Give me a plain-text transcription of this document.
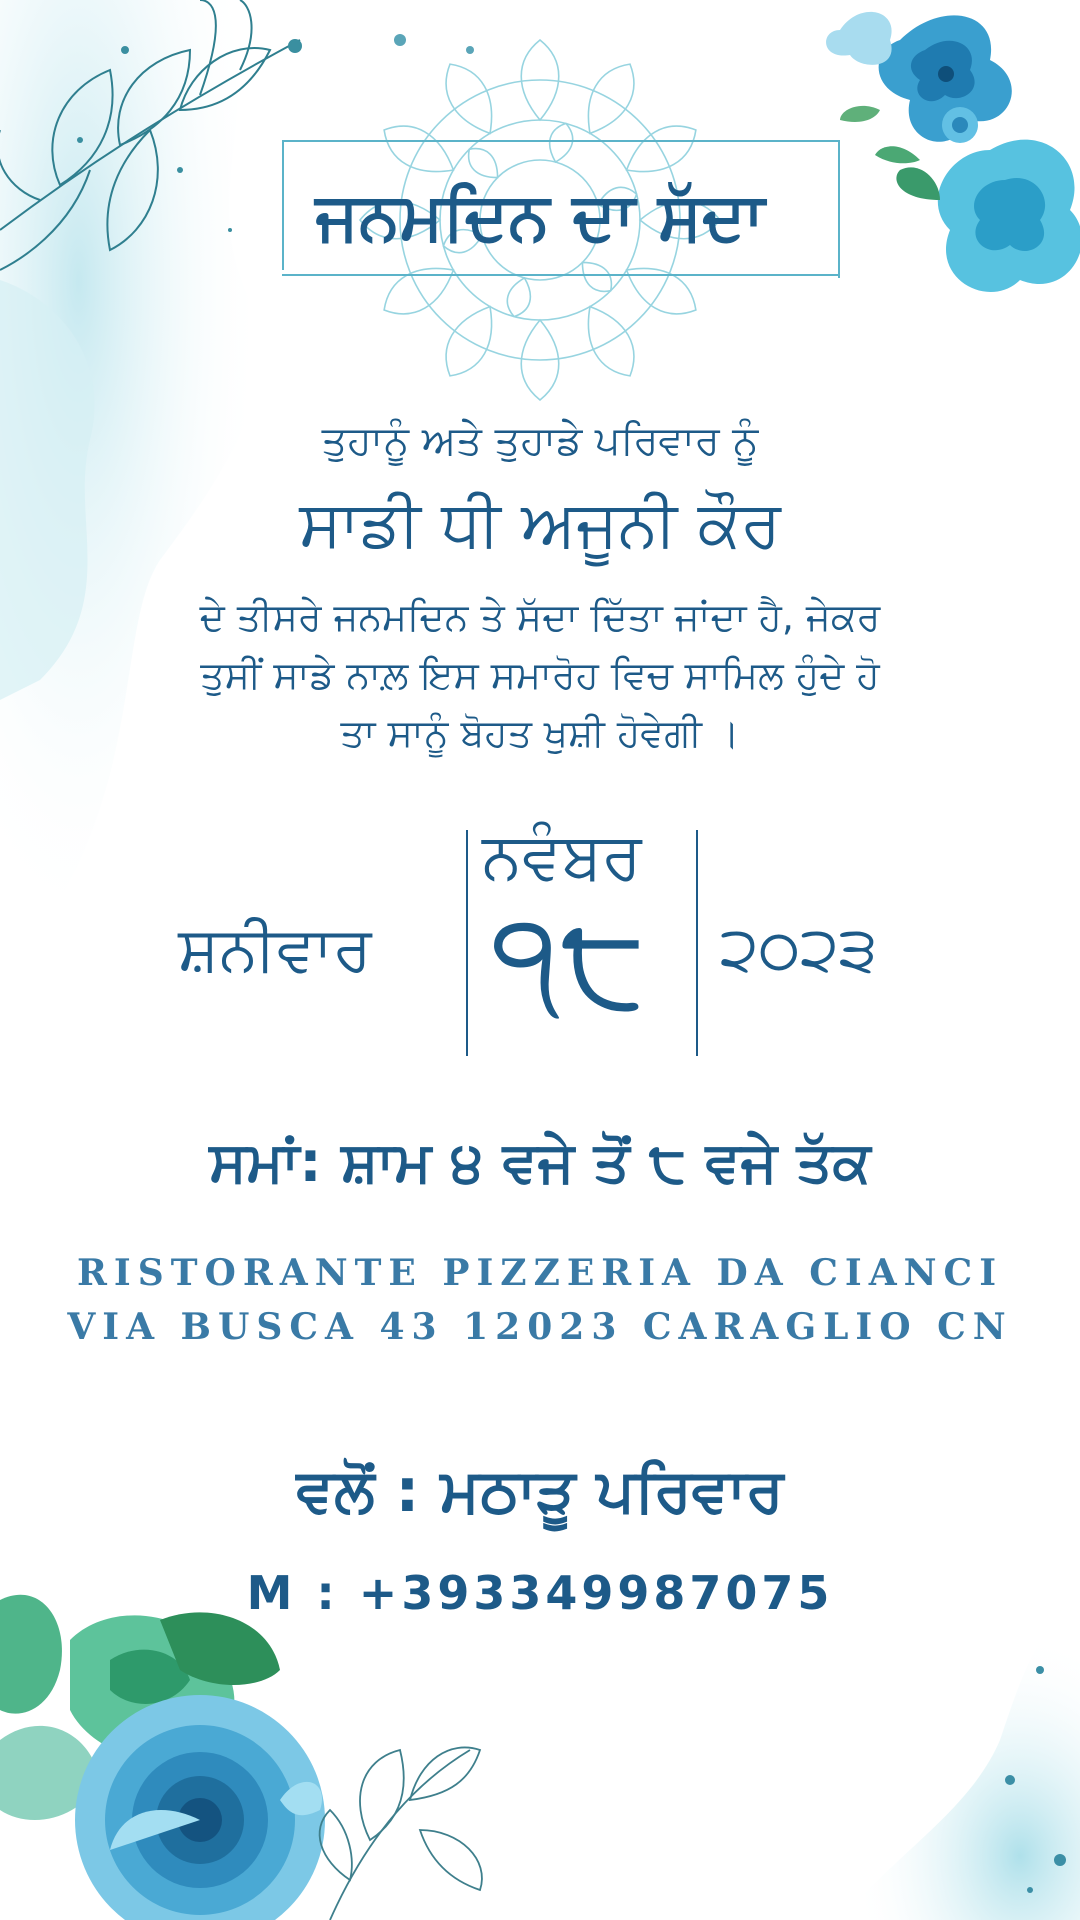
ਜਨਮਦਿਨ ਦਾ ਸੱਦਾ
ਤੁਹਾਨੂੰ ਅਤੇ ਤੁਹਾਡੇ ਪਰਿਵਾਰ ਨੂੰ
ਸਾਡੀ ਧੀ ਅਜੂਨੀ ਕੌਰ
ਦੇ ਤੀਸਰੇ ਜਨਮਦਿਨ ਤੇ ਸੱਦਾ ਦਿੱਤਾ ਜਾਂਦਾ ਹੈ, ਜੇਕਰ
ਤੁਸੀਂ ਸਾਡੇ ਨਾਲ਼ ਇਸ ਸਮਾਰੋਹ ਵਿਚ ਸਾਮਿਲ ਹੁੰਦੇ ਹੋ
ਤਾ ਸਾਨੂੰ ਬੋਹਤ ਖੁਸ਼ੀ ਹੋਵੇਗੀ ।
ਸ਼ਨੀਵਾਰ
ਨਵੰਬਰ
੧੮ ੨੦੨੩
ਸਮਾਂ: ਸ਼ਾਮ ੪ ਵਜੇ ਤੋਂ ੮ ਵਜੇ ਤੱਕ
RISTORANTE PIZZERIA DA CIANCI
VIA BUSCA 43 12023 CARAGLIO CN
ਵਲੋਂ : ਮਠਾੜੂ ਪਰਿਵਾਰ
M : +393349987075
